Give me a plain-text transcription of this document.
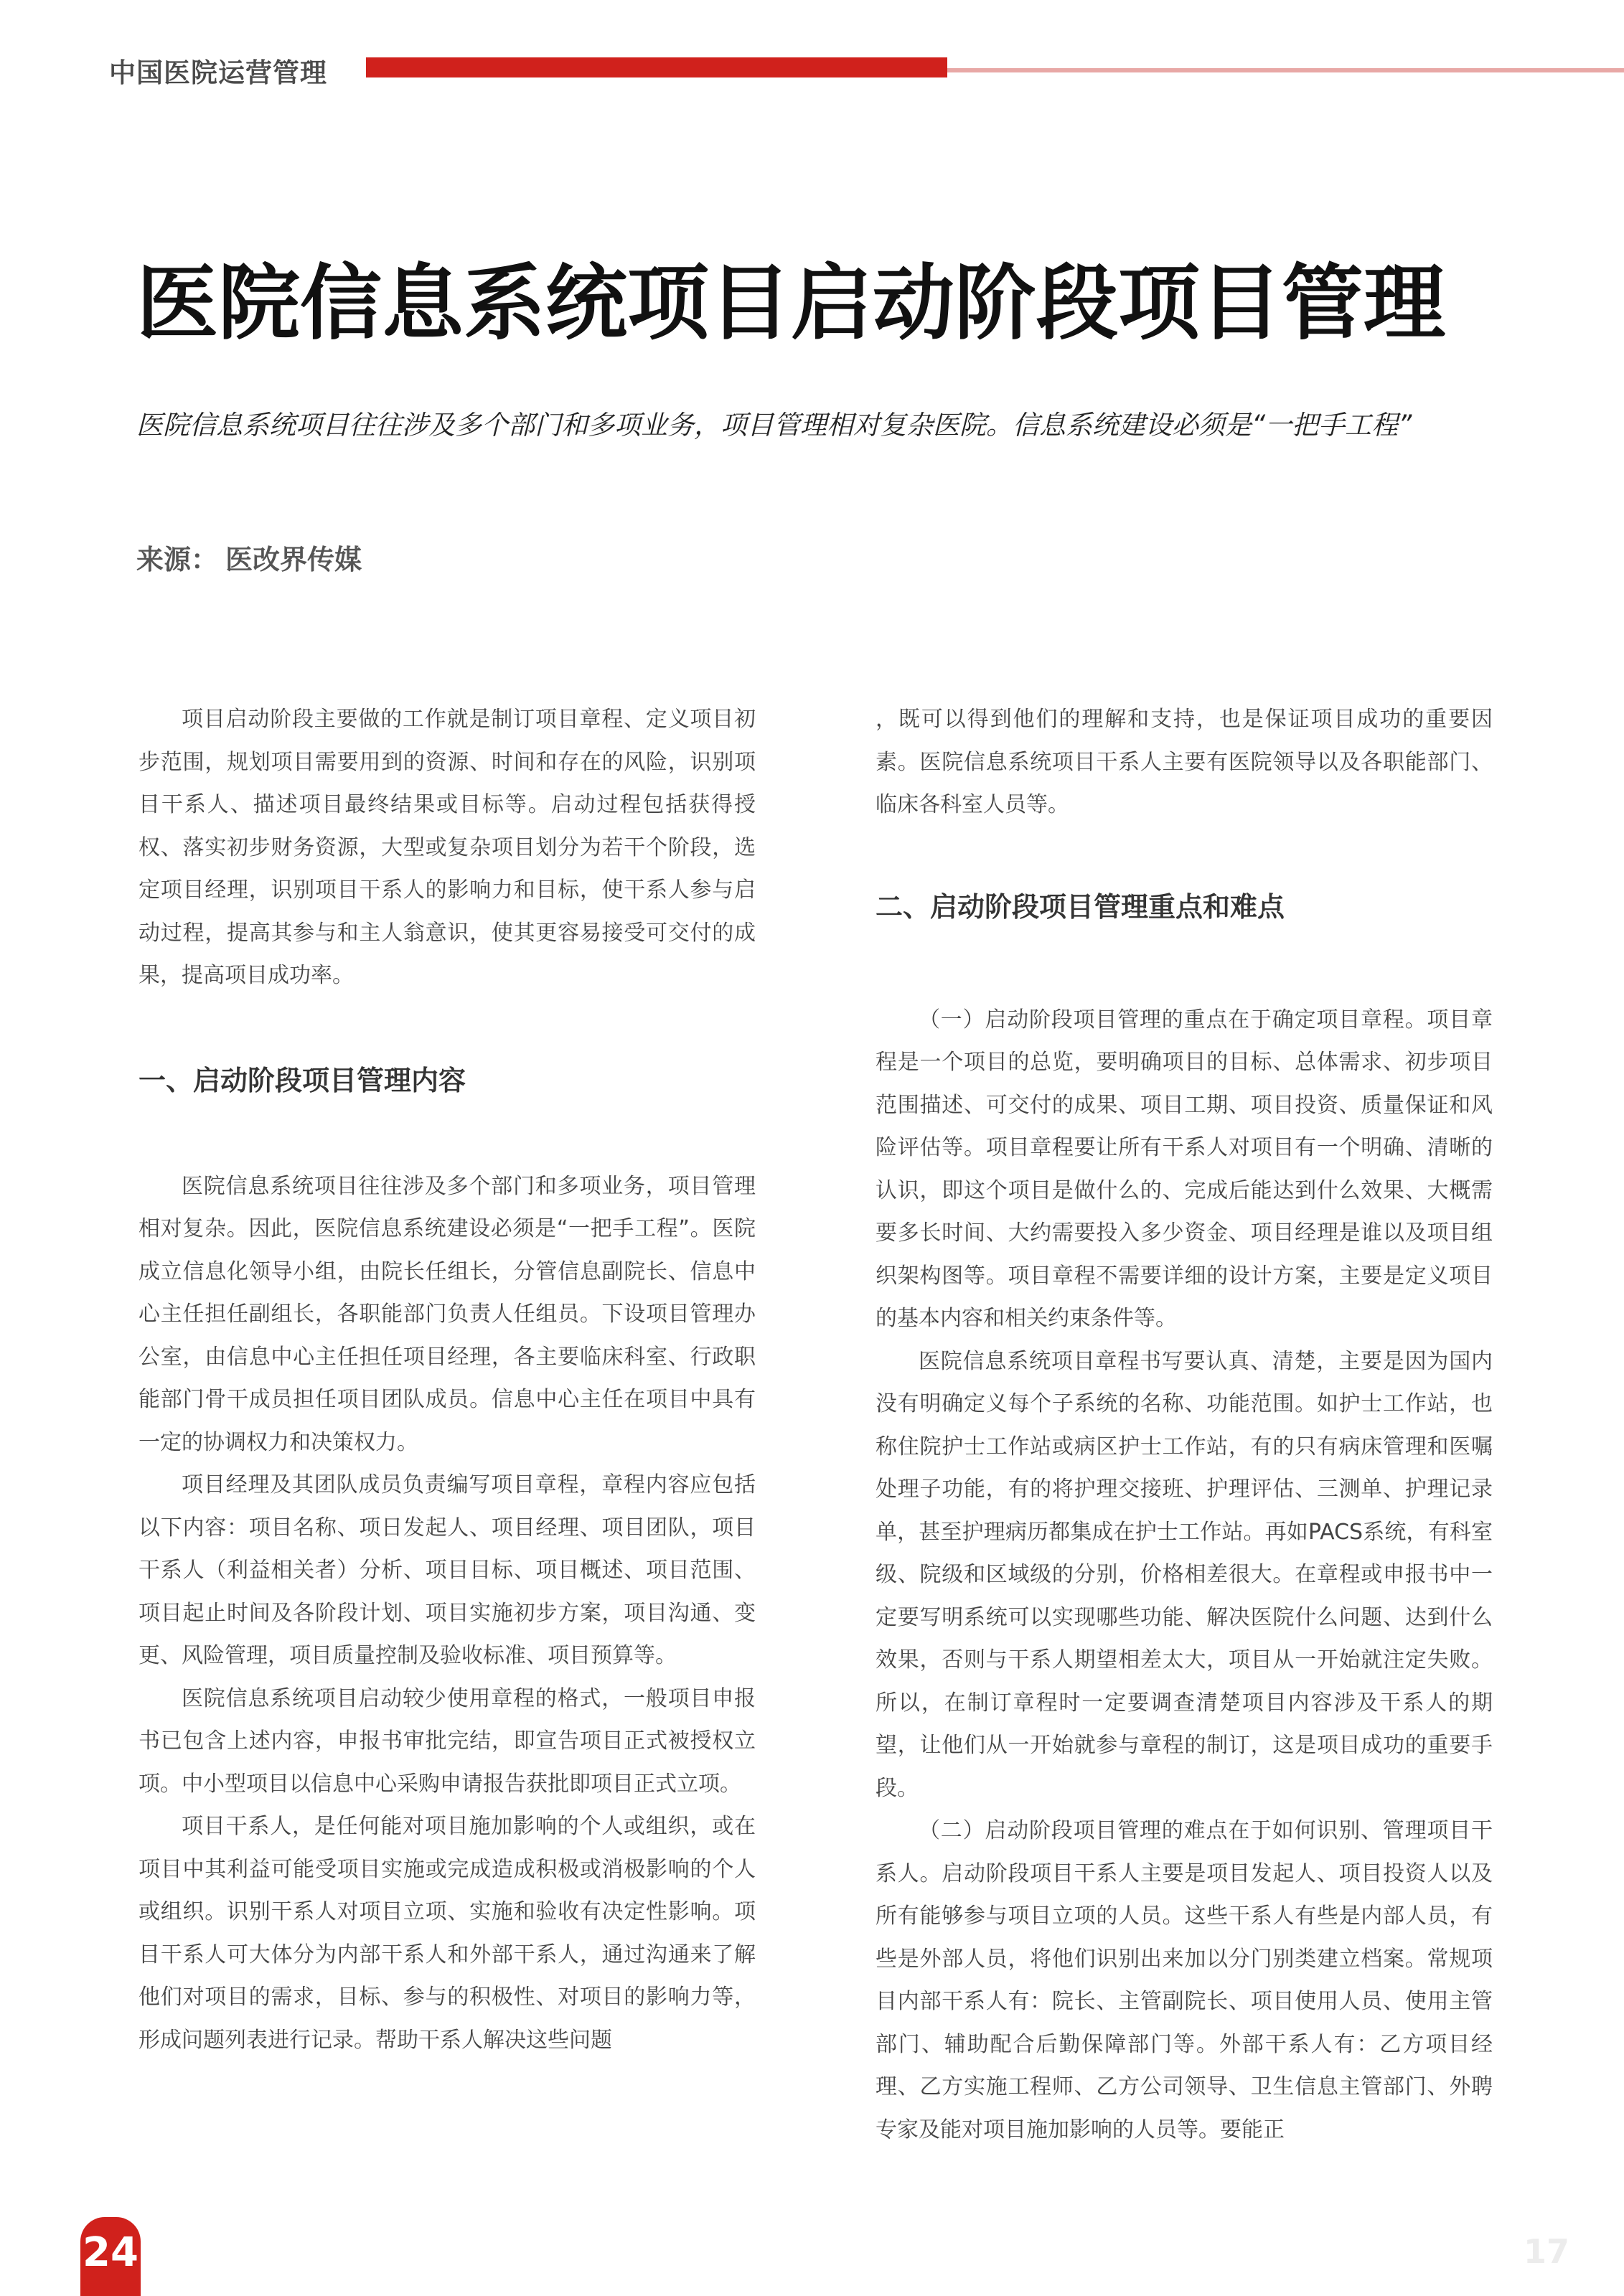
中国医院运营管理
医院信息系统项目启动阶段项目管理

医院信息系统项目往往涉及多个部门和多项业务，项目管理相对复杂医院。信息系统建设必须是“一把手工程”

来源： 医改界传媒

项目启动阶段主要做的工作就是制订项目章程、定义项目初步范围，规划项目需要用到的资源、时间和存在的风险，识别项目干系人、描述项目最终结果或目标等。启动过程包括获得授权、落实初步财务资源，大型或复杂项目划分为若干个阶段，选定项目经理，识别项目干系人的影响力和目标，使干系人参与启动过程，提高其参与和主人翁意识，使其更容易接受可交付的成果，提高项目成功率。

一、启动阶段项目管理内容

医院信息系统项目往往涉及多个部门和多项业务，项目管理相对复杂。因此，医院信息系统建设必须是“一把手工程”。医院成立信息化领导小组，由院长任组长，分管信息副院长、信息中心主任担任副组长，各职能部门负责人任组员。下设项目管理办公室，由信息中心主任担任项目经理，各主要临床科室、行政职能部门骨干成员担任项目团队成员。信息中心主任在项目中具有一定的协调权力和决策权力。

项目经理及其团队成员负责编写项目章程，章程内容应包括以下内容：项目名称、项日发起人、项目经理、项目团队，项目干系人（利益相关者）分析、项目目标、项目概述、项目范围、项目起止时间及各阶段计划、项目实施初步方案，项目沟通、变更、风险管理，项目质量控制及验收标准、项目预算等。

医院信息系统项目启动较少使用章程的格式，一般项目申报书已包含上述内容，申报书审批完结，即宣告项目正式被授权立项。中小型项目以信息中心采购申请报告获批即项目正式立项。

项目干系人，是任何能对项目施加影响的个人或组织，或在项目中其利益可能受项目实施或完成造成积极或消极影响的个人或组织。识别干系人对项目立项、实施和验收有决定性影响。项目干系人可大体分为内部干系人和外部干系人，通过沟通来了解他们对项目的需求，目标、参与的积极性、对项目的影响力等，形成问题列表进行记录。帮助干系人解决这些问题

，既可以得到他们的理解和支持，也是保证项目成功的重要因素。医院信息系统项目干系人主要有医院领导以及各职能部门、临床各科室人员等。

二、启动阶段项目管理重点和难点

（一）启动阶段项目管理的重点在于确定项目章程。项目章程是一个项目的总览，要明确项目的目标、总体需求、初步项目范围描述、可交付的成果、项目工期、项目投资、质量保证和风险评估等。项目章程要让所有干系人对项目有一个明确、清晰的认识，即这个项目是做什么的、完成后能达到什么效果、大概需要多长时间、大约需要投入多少资金、项目经理是谁以及项目组织架构图等。项目章程不需要详细的设计方案，主要是定义项目的基本内容和相关约束条件等。

医院信息系统项目章程书写要认真、清楚，主要是因为国内没有明确定义每个子系统的名称、功能范围。如护士工作站，也称住院护士工作站或病区护士工作站，有的只有病床管理和医嘱处理子功能，有的将护理交接班、护理评估、三测单、护理记录单，甚至护理病历都集成在护士工作站。再如PACS系统，有科室级、院级和区域级的分别，价格相差很大。在章程或申报书中一定要写明系统可以实现哪些功能、解决医院什么问题、达到什么效果，否则与干系人期望相差太大，项目从一开始就注定失败。所以，在制订章程时一定要调查清楚项目内容涉及干系人的期望，让他们从一开始就参与章程的制订，这是项目成功的重要手段。

（二）启动阶段项目管理的难点在于如何识别、管理项目干系人。启动阶段项目干系人主要是项目发起人、项目投资人以及所有能够参与项目立项的人员。这些干系人有些是内部人员，有些是外部人员，将他们识别出来加以分门别类建立档案。常规项目内部干系人有：院长、主管副院长、项目使用人员、使用主管部门、辅助配合后勤保障部门等。外部干系人有：乙方项目经理、乙方实施工程师、乙方公司领导、卫生信息主管部门、外聘专家及能对项目施加影响的人员等。要能正

24	17
